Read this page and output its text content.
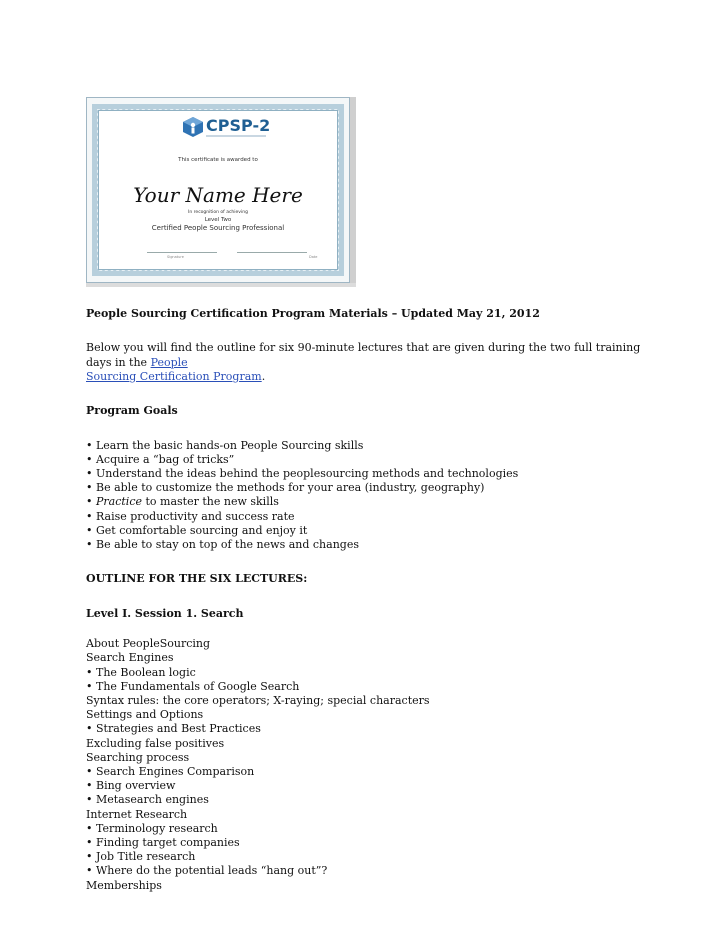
CPSP-2
This certificate is awarded to
Your Name Here
In recognition of achieving
Level Two
Certified People Sourcing Professional
Signature	Date

People Sourcing Certification Program Materials – Updated May 21, 2012

Below you will find the outline for six 90-minute lectures that are given during the two full training days in the People
Sourcing Certification Program.

Program Goals

• Learn the basic hands-on People Sourcing skills

• Acquire a “bag of tricks”

• Understand the ideas behind the peoplesourcing methods and technologies

• Be able to customize the methods for your area (industry, geography)

• Practice to master the new skills

• Raise productivity and success rate

• Get comfortable sourcing and enjoy it

• Be able to stay on top of the news and changes

OUTLINE FOR THE SIX LECTURES:

Level I. Session 1. Search

About PeopleSourcing

Search Engines

• The Boolean logic

• The Fundamentals of Google Search

Syntax rules: the core operators; X-raying; special characters

Settings and Options

• Strategies and Best Practices

Excluding false positives

Searching process

• Search Engines Comparison

• Bing overview

• Metasearch engines

Internet Research

• Terminology research

• Finding target companies

• Job Title research

• Where do the potential leads “hang out”?

Memberships
